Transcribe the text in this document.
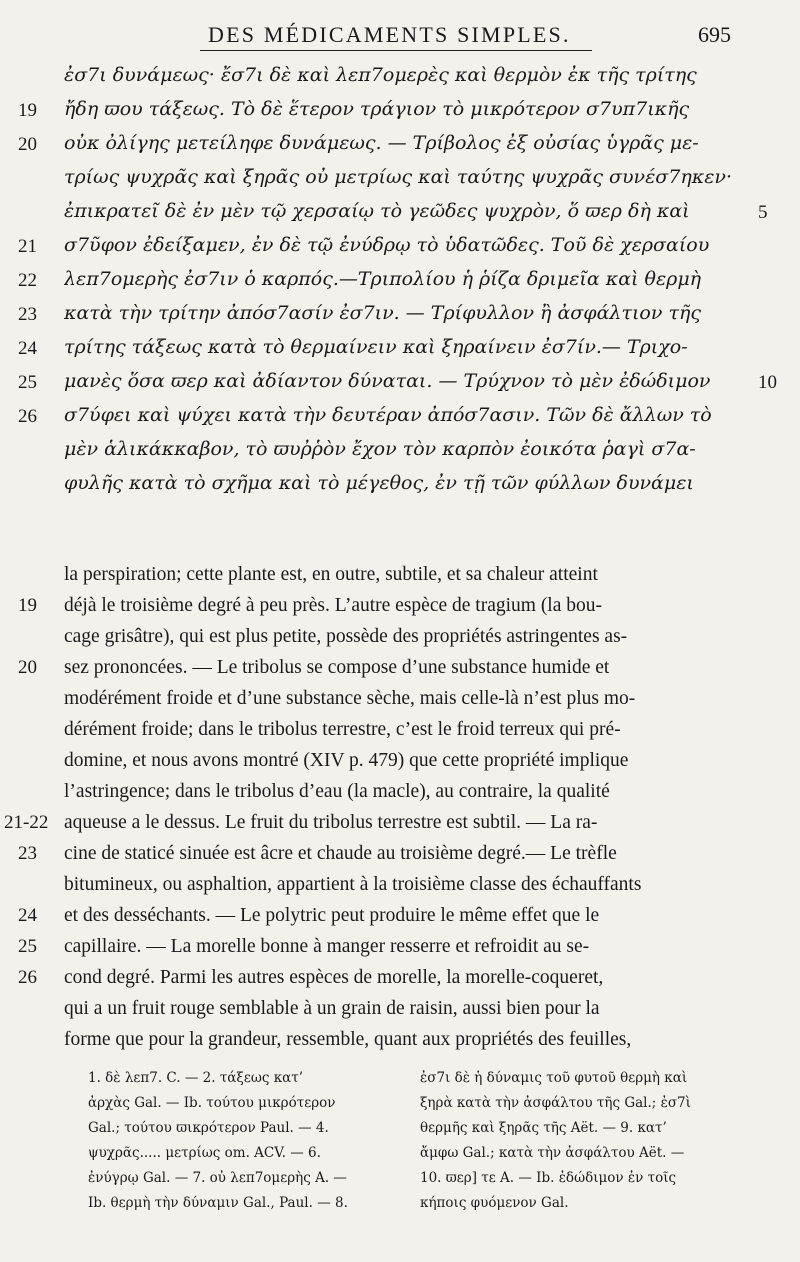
DES MÉDICAMENTS SIMPLES.	695
ἐσ7ι δυνάμεως· ἔσ7ι δὲ καὶ λεπ7ομερὲς καὶ θερμὸν ἐκ τῆς τρίτης
ἤδη ϖου τάξεως. Τὸ δὲ ἕτερον τράγιον τὸ μικρότερον σ7υπ7ικῆς
οὐκ ὀλίγης μετείληφε δυνάμεως. — Τρίβολος ἐξ οὐσίας ὑγρᾶς με-
τρίως ψυχρᾶς καὶ ξηρᾶς οὐ μετρίως καὶ ταύτης ψυχρᾶς συνέσ7ηκεν·
ἐπικρατεῖ δὲ ἐν μὲν τῷ χερσαίῳ τὸ γεῶδες ψυχρὸν, ὅ ϖερ δὴ καὶ
σ7ῦφον ἐδείξαμεν, ἐν δὲ τῷ ἐνύδρῳ τὸ ὑδατῶδες. Τοῦ δὲ χερσαίου
λεπ7ομερὴς ἐσ7ιν ὁ καρπός.—Τριπολίου ἡ ῥίζα δριμεῖα καὶ θερμὴ
κατὰ τὴν τρίτην ἀπόσ7ασίν ἐσ7ιν. — Τρίφυλλον ἢ ἀσφάλτιον τῆς
τρίτης τάξεως κατὰ τὸ θερμαίνειν καὶ ξηραίνειν ἐσ7ίν.— Τριχο-
μανὲς ὅσα ϖερ καὶ ἀδίαντον δύναται. — Τρύχνον τὸ μὲν ἐδώδιμον
σ7ύφει καὶ ψύχει κατὰ τὴν δευτέραν ἀπόσ7ασιν. Τῶν δὲ ἄλλων τὸ
μὲν ἁλικάκκαβον, τὸ ϖυῤῥὸν ἔχον τὸν καρπὸν ἐοικότα ῥαγὶ σ7α-
φυλῆς κατὰ τὸ σχῆμα καὶ τὸ μέγεθος, ἐν τῇ τῶν φύλλων δυνάμει
19
20
21
22
23
24
25
26
5
10
la perspiration; cette plante est, en outre, subtile, et sa chaleur atteint
déjà le troisième degré à peu près. L’autre espèce de tragium (la bou-
cage grisâtre), qui est plus petite, possède des propriétés astringentes as-
sez prononcées. — Le tribolus se compose d’une substance humide et
modérément froide et d’une substance sèche, mais celle-là n’est plus mo-
dérément froide; dans le tribolus terrestre, c’est le froid terreux qui pré-
domine, et nous avons montré (XIV p. 479) que cette propriété implique
l’astringence; dans le tribolus d’eau (la macle), au contraire, la qualité
aqueuse a le dessus. Le fruit du tribolus terrestre est subtil. — La ra-
cine de staticé sinuée est âcre et chaude au troisième degré.— Le trèfle
bitumineux, ou asphaltion, appartient à la troisième classe des échauffants
et des desséchants. — Le polytric peut produire le même effet que le
capillaire. — La morelle bonne à manger resserre et refroidit au se-
cond degré. Parmi les autres espèces de morelle, la morelle-coqueret,
qui a un fruit rouge semblable à un grain de raisin, aussi bien pour la
forme que pour la grandeur, ressemble, quant aux propriétés des feuilles,
19
20
21-22
23
24
25
26
1. δὲ λεπ7. C. — 2. τάξεως κατ’
ἀρχὰς Gal. — Ib. τούτου μικρότερον
Gal.; τούτου ϖικρότερον Paul. — 4.
ψυχρᾶς..... μετρίως om. ACV. — 6.
ἐνύγρῳ Gal. — 7. οὐ λεπ7ομερὴς A. —
Ib. θερμὴ τὴν δύναμιν Gal., Paul. — 8.
ἐσ7ι δὲ ἡ δύναμις τοῦ φυτοῦ θερμὴ καὶ
ξηρὰ κατὰ τὴν ἀσφάλτου τῆς Gal.; ἐσ7ὶ
θερμῆς καὶ ξηρᾶς τῆς Aët. — 9. κατ’
ἄμφω Gal.; κατὰ τὴν ἀσφάλτου Aët. —
10. ϖερ] τε A. — Ib. ἐδώδιμον ἐν τοῖς
κήποις φυόμενον Gal.
